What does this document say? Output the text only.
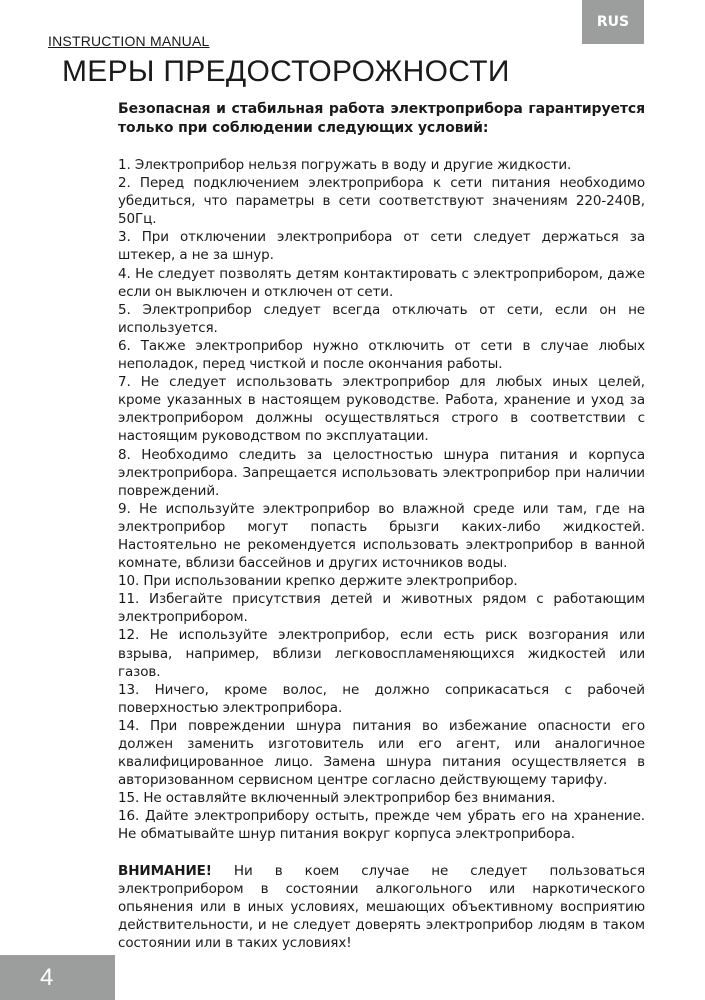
RUS
INSTRUCTION MANUAL
МЕРЫ ПРЕДОСТОРОЖНОСТИ

Безопасная и стабильная работа электроприбора гарантируется только при соблюдении следующих условий:

1. Электроприбор нельзя погружать в воду и другие жидкости.
2. Перед подключением электроприбора к сети питания необходимо убедиться, что параметры в сети соответствуют значениям 220-240В, 50Гц.
3. При отключении электроприбора от сети следует держаться за штекер, а не за шнур.
4. Не следует позволять детям контактировать с электроприбором, даже если он выключен и отключен от сети.
5. Электроприбор следует всегда отключать от сети, если он не используется.
6. Также электроприбор нужно отключить от сети в случае любых неполадок, перед чисткой и после окончания работы.
7. Не следует использовать электроприбор для любых иных целей, кроме указанных в настоящем руководстве. Работа, хранение и уход за электроприбором должны осуществляться строго в соответствии с настоящим руководством по эксплуатации.
8. Необходимо следить за целостностью шнура питания и корпуса электроприбора. Запрещается использовать электроприбор при наличии повреждений.
9. Не используйте электроприбор во влажной среде или там, где на электроприбор могут попасть брызги каких-либо жидкостей. Настоятельно не рекомендуется использовать электроприбор в ванной комнате, вблизи бассейнов и других источников воды.
10. При использовании крепко держите электроприбор.
11. Избегайте присутствия детей и животных рядом с работающим электроприбором.
12. Не используйте электроприбор, если есть риск возгорания или взрыва, например, вблизи легковоспламеняющихся жидкостей или газов.
13. Ничего, кроме волос, не должно соприкасаться с рабочей поверхностью электроприбора.
14. При повреждении шнура питания во избежание опасности его должен заменить изготовитель или его агент, или аналогичное квалифицированное лицо. Замена шнура питания осуществляется в авторизованном сервисном центре согласно действующему тарифу.
15. Не оставляйте включенный электроприбор без внимания.
16. Дайте электроприбору остыть, прежде чем убрать его на хранение. Не обматывайте шнур питания вокруг корпуса электроприбора.

ВНИМАНИЕ! Ни в коем случае не следует пользоваться электроприбором в состоянии алкогольного или наркотического опьянения или в иных условиях, мешающих объективному восприятию действительности, и не следует доверять электроприбор людям в таком состоянии или в таких условиях!

4
